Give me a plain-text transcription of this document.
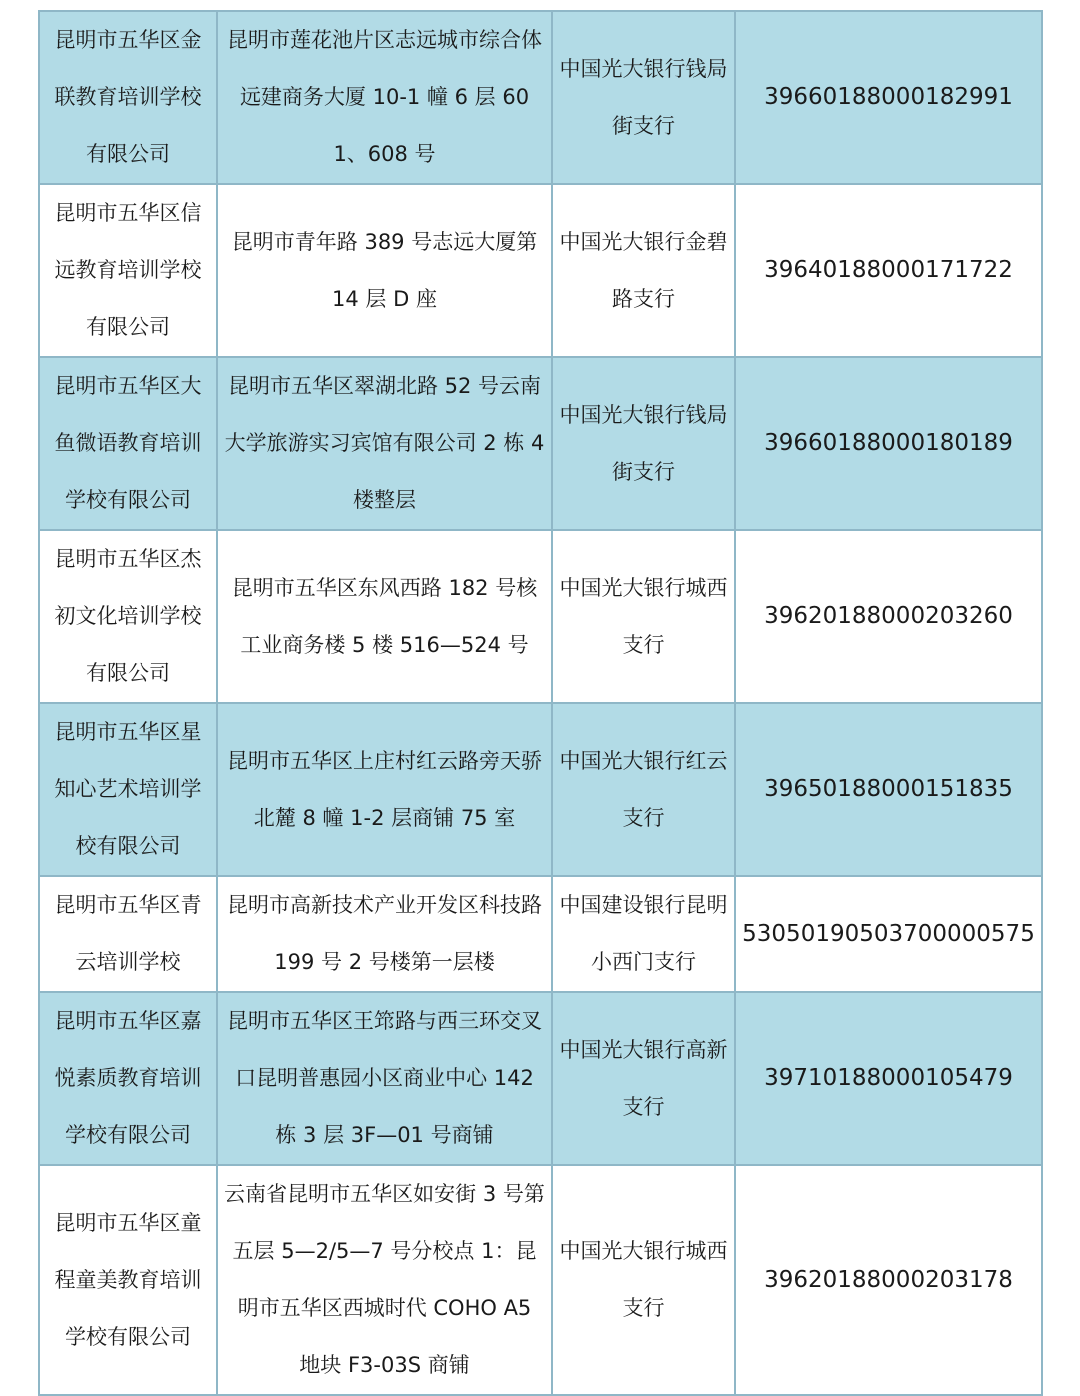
昆明市五华区金联教育培训学校有限公司	昆明市莲花池片区志远城市综合体远建商务大厦 10-1 幢 6 层 601、608 号	中国光大银行钱局街支行	39660188000182991
昆明市五华区信远教育培训学校有限公司	昆明市青年路 389 号志远大厦第 14 层 D 座	中国光大银行金碧路支行	39640188000171722
昆明市五华区大鱼微语教育培训学校有限公司	昆明市五华区翠湖北路 52 号云南大学旅游实习宾馆有限公司 2 栋 4 楼整层	中国光大银行钱局街支行	39660188000180189
昆明市五华区杰初文化培训学校有限公司	昆明市五华区东风西路 182 号核工业商务楼 5 楼 516—524 号	中国光大银行城西支行	39620188000203260
昆明市五华区星知心艺术培训学校有限公司	昆明市五华区上庄村红云路旁天骄北麓 8 幢 1-2 层商铺 75 室	中国光大银行红云支行	39650188000151835
昆明市五华区青云培训学校	昆明市高新技术产业开发区科技路 199 号 2 号楼第一层楼	中国建设银行昆明小西门支行	53050190503700000575
昆明市五华区嘉悦素质教育培训学校有限公司	昆明市五华区王筇路与西三环交叉口昆明普惠园小区商业中心 142 栋 3 层 3F—01 号商铺	中国光大银行高新支行	39710188000105479
昆明市五华区童程童美教育培训学校有限公司	云南省昆明市五华区如安街 3 号第五层 5—2/5—7 号分校点 1：昆明市五华区西城时代 COHO A5 地块 F3-03S 商铺	中国光大银行城西支行	39620188000203178
